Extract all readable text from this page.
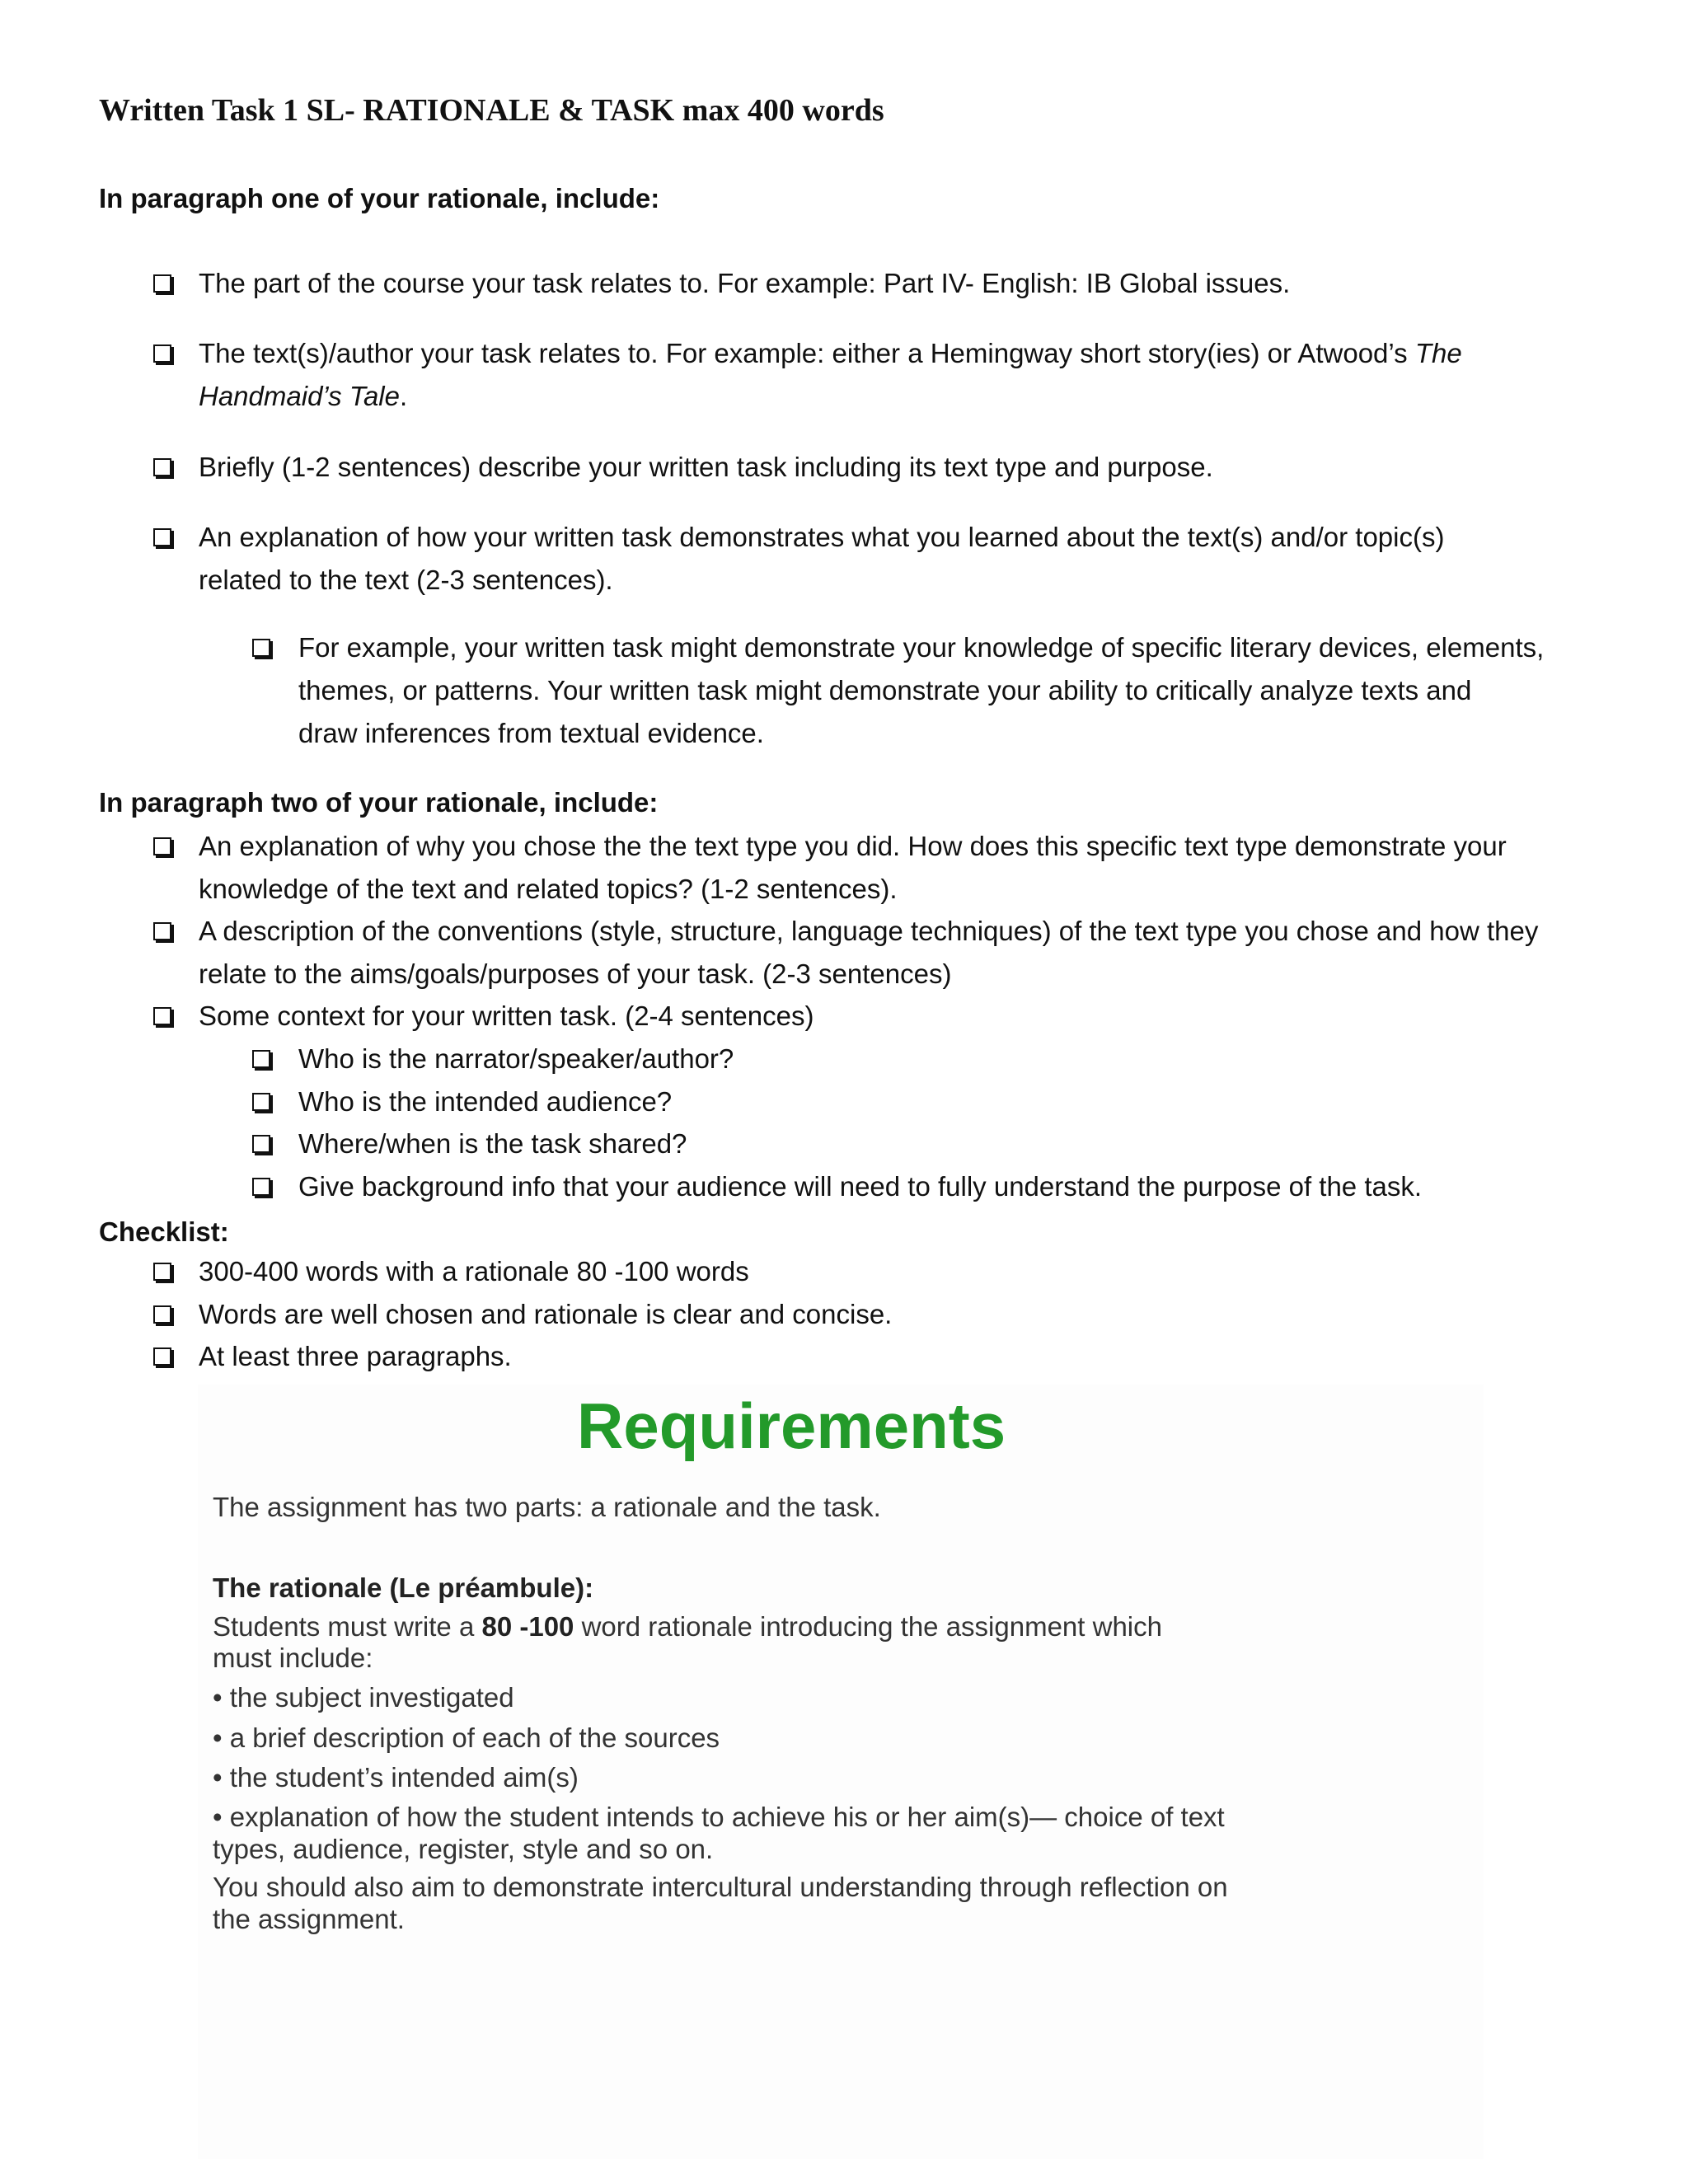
Written Task 1 SL- RATIONALE & TASK max 400 words
In paragraph one of your rationale, include:
The part of the course your task relates to. For example: Part IV- English: IB Global issues.
The text(s)/author your task relates to. For example: either a Hemingway short story(ies) or Atwood’s The
Handmaid’s Tale.
Briefly (1-2 sentences) describe your written task including its text type and purpose.
An explanation of how your written task demonstrates what you learned about the text(s) and/or topic(s)
related to the text (2-3 sentences).
For example, your written task might demonstrate your knowledge of specific literary devices, elements,
themes, or patterns. Your written task might demonstrate your ability to critically analyze texts and
draw inferences from textual evidence.
In paragraph two of your rationale, include:
An explanation of why you chose the the text type you did. How does this specific text type demonstrate your
knowledge of the text and related topics? (1-2 sentences).
A description of the conventions (style, structure, language techniques) of the text type you chose and how they
relate to the aims/goals/purposes of your task. (2-3 sentences)
Some context for your written task. (2-4 sentences)
Who is the narrator/speaker/author?
Who is the intended audience?
Where/when is the task shared?
Give background info that your audience will need to fully understand the purpose of the task.
Checklist:
300-400 words with a rationale 80 -100 words
Words are well chosen and rationale is clear and concise.
At least three paragraphs.
Requirements
The assignment has two parts: a rationale and the task.
The rationale (Le préambule):
Students must write a 80 -100 word rationale introducing the assignment which
must include:
• the subject investigated
• a brief description of each of the sources
• the student’s intended aim(s)
• explanation of how the student intends to achieve his or her aim(s)— choice of text
types, audience, register, style and so on.
You should also aim to demonstrate intercultural understanding through reflection on
the assignment.
